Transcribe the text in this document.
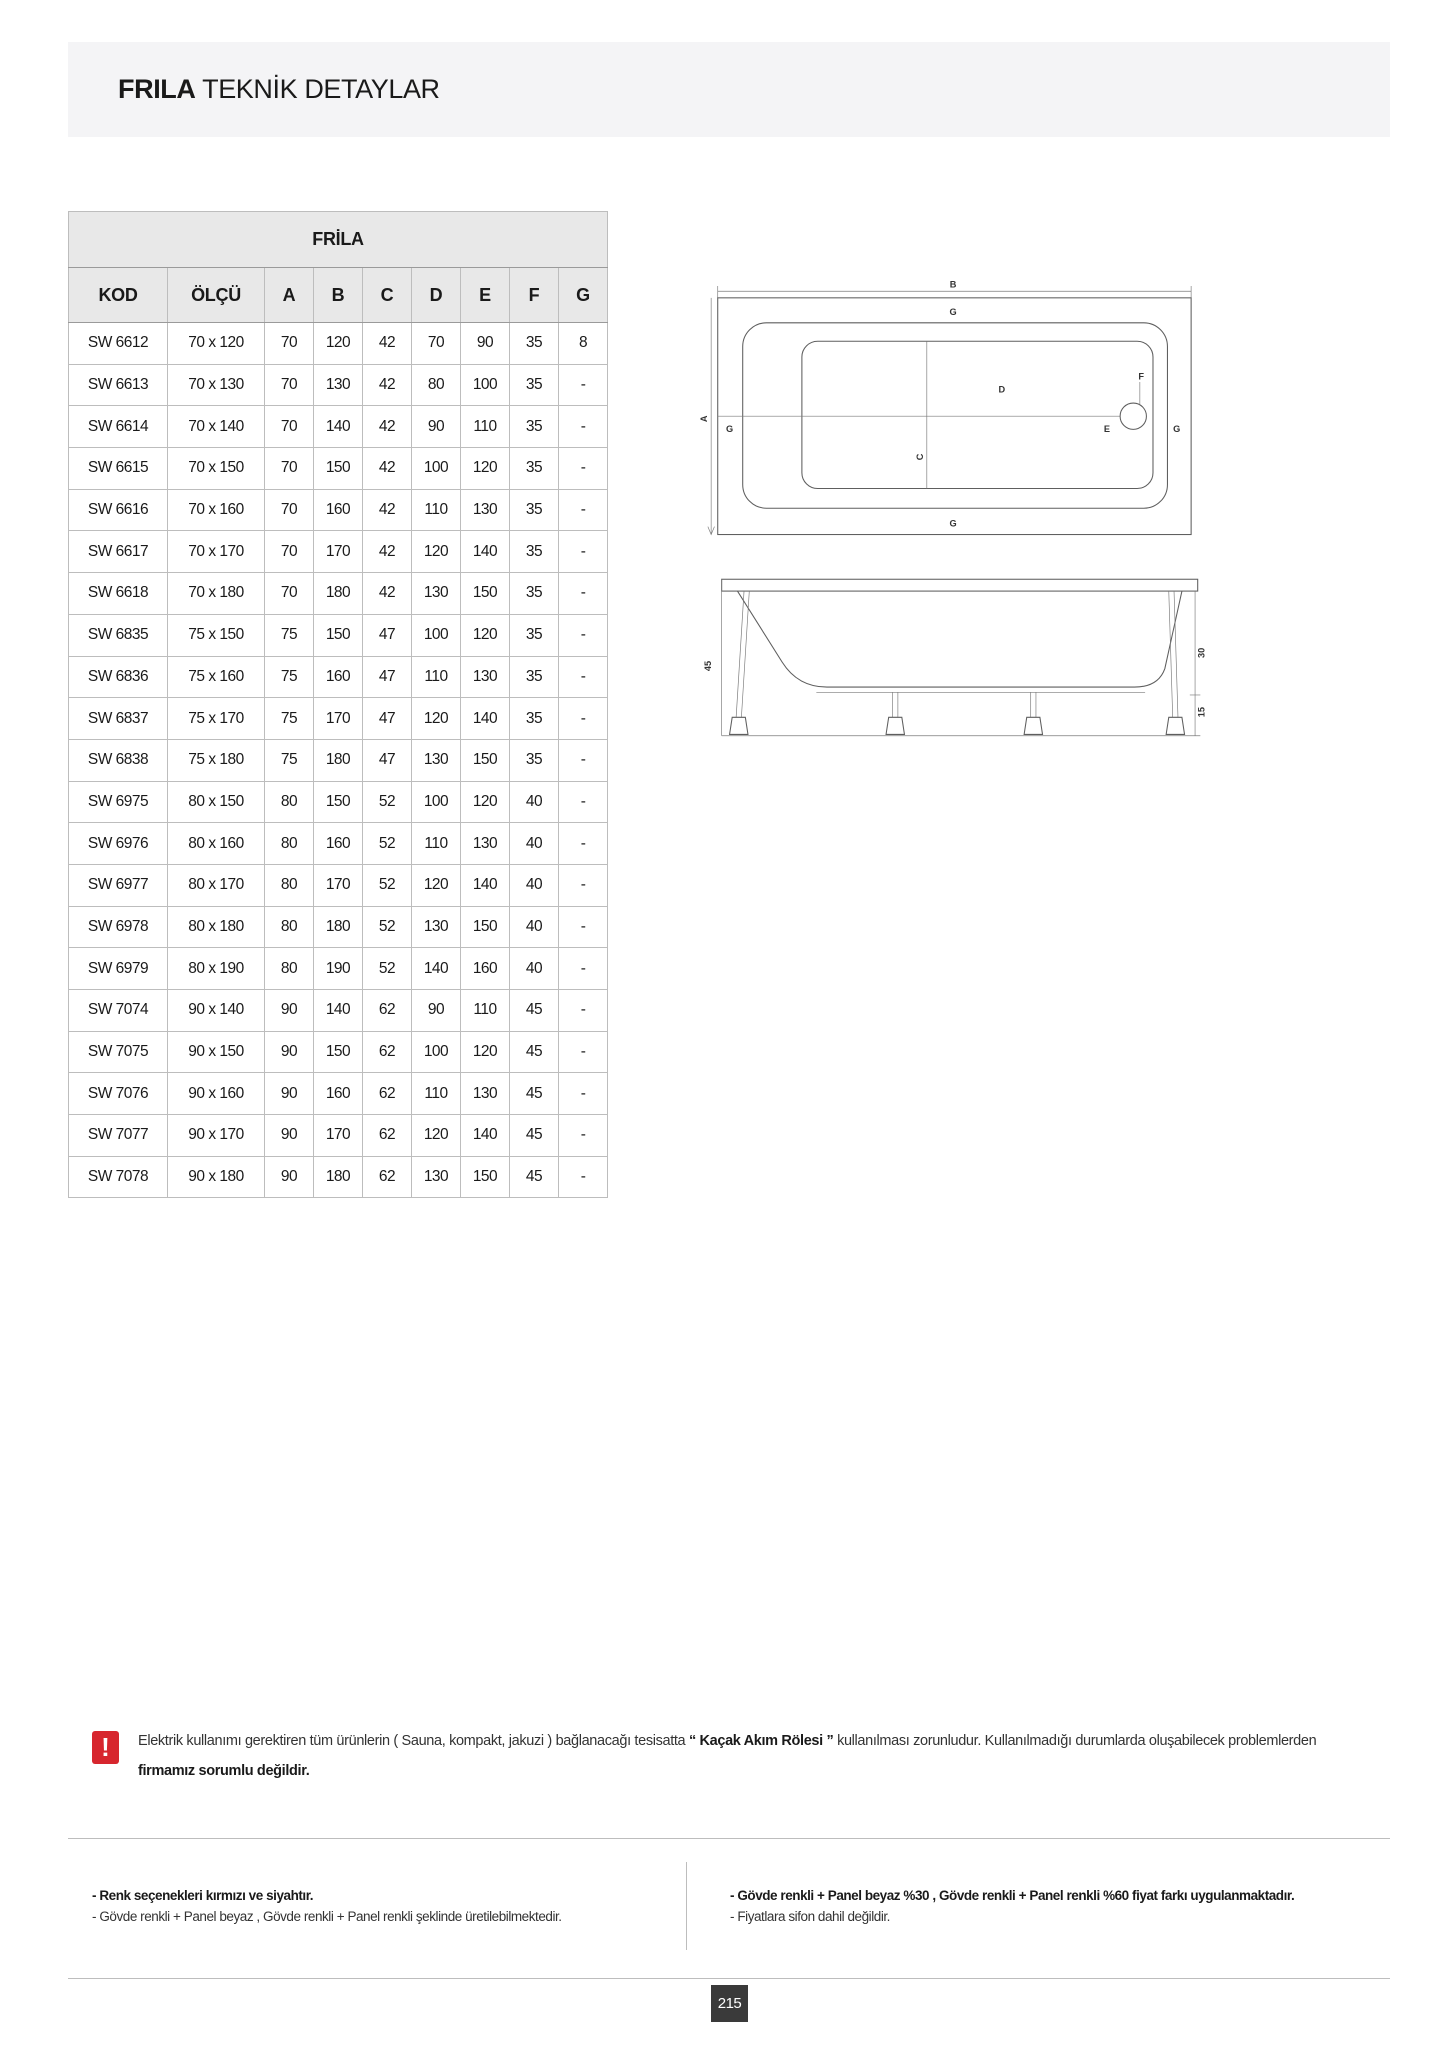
FRILA TEKNİK DETAYLAR
FRİLA								
KOD	ÖLÇÜ	A	B	C	D	E	F	G
SW 6612	70 x 120	70	120	42	70	90	35	8
SW 6613	70 x 130	70	130	42	80	100	35	-
SW 6614	70 x 140	70	140	42	90	110	35	-
SW 6615	70 x 150	70	150	42	100	120	35	-
SW 6616	70 x 160	70	160	42	110	130	35	-
SW 6617	70 x 170	70	170	42	120	140	35	-
SW 6618	70 x 180	70	180	42	130	150	35	-
SW 6835	75 x 150	75	150	47	100	120	35	-
SW 6836	75 x 160	75	160	47	110	130	35	-
SW 6837	75 x 170	75	170	47	120	140	35	-
SW 6838	75 x 180	75	180	47	130	150	35	-
SW 6975	80 x 150	80	150	52	100	120	40	-
SW 6976	80 x 160	80	160	52	110	130	40	-
SW 6977	80 x 170	80	170	52	120	140	40	-
SW 6978	80 x 180	80	180	52	130	150	40	-
SW 6979	80 x 190	80	190	52	140	160	40	-
SW 7074	90 x 140	90	140	62	90	110	45	-
SW 7075	90 x 150	90	150	62	100	120	45	-
SW 7076	90 x 160	90	160	62	110	130	45	-
SW 7077	90 x 170	90	170	62	120	140	45	-
SW 7078	90 x 180	90	180	62	130	150	45	-
B
A
G
G
G	G
C
D
F
E
45
30
15
!	Elektrik kullanımı gerektiren tüm ürünlerin ( Sauna, kompakt, jakuzi ) bağlanacağı tesisatta “ Kaçak Akım Rölesi ” kullanılması zorunludur. Kullanılmadığı durumlarda oluşabilecek problemlerden firmamız sorumlu değildir.

- Renk seçenekleri kırmızı ve siyahtır.
- Gövde renkli + Panel beyaz , Gövde renkli + Panel renkli şeklinde üretilebilmektedir.
- Gövde renkli + Panel beyaz %30 , Gövde renkli + Panel renkli %60 fiyat farkı uygulanmaktadır.
- Fiyatlara sifon dahil değildir.
215
